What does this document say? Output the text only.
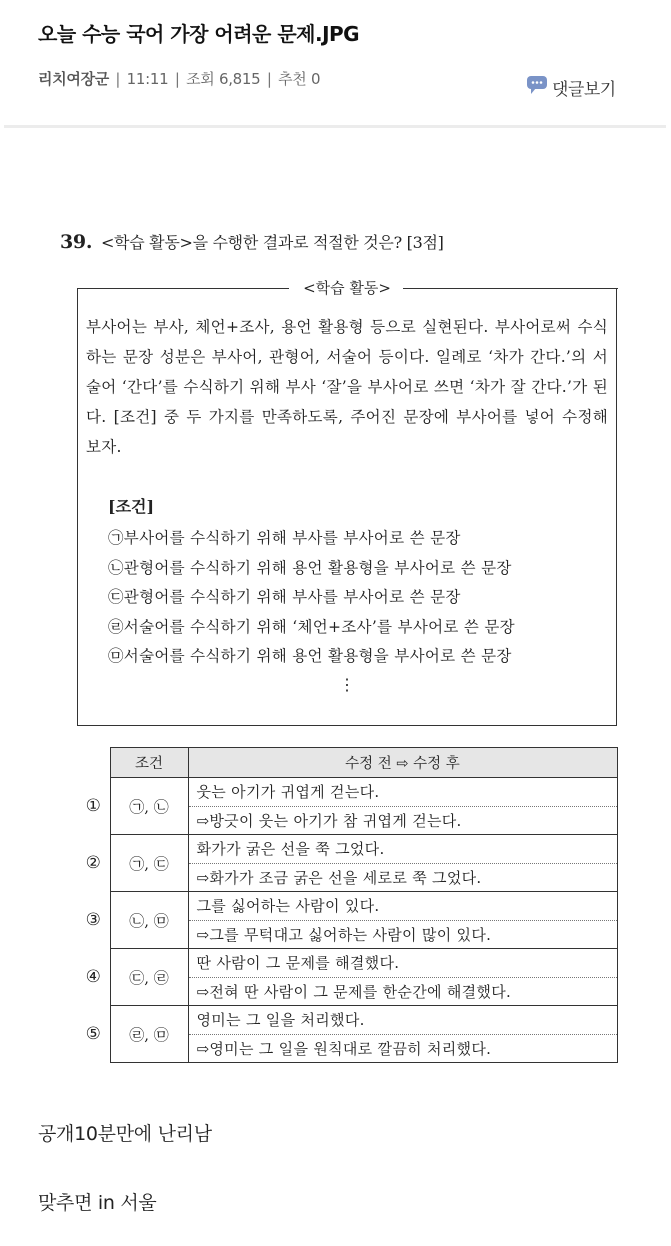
오늘 수능 국어 가장 어려운 문제.JPG
리치여장군 | 11:11 | 조회 6,815 | 추천 0
댓글보기
39. <학습 활동>을 수행한 결과로 적절한 것은? [3점]
<학습 활동>

부사어는 부사, 체언+조사, 용언 활용형 등으로 실현된다. 부사어로써 수식하는 문장 성분은 부사어, 관형어, 서술어 등이다. 일례로 ‘차가 간다.’의 서술어 ‘간다’를 수식하기 위해 부사 ‘잘’을 부사어로 쓰면 ‘차가 잘 간다.’가 된다. [조건] 중 두 가지를 만족하도록, 주어진 문장에 부사어를 넣어 수정해 보자.

[조건]
㉠부사어를 수식하기 위해 부사를 부사어로 쓴 문장
㉡관형어를 수식하기 위해 용언 활용형을 부사어로 쓴 문장
㉢관형어를 수식하기 위해 부사를 부사어로 쓴 문장
㉣서술어를 수식하기 위해 ‘체언+조사’를 부사어로 쓴 문장
㉤서술어를 수식하기 위해 용언 활용형을 부사어로 쓴 문장
⋮
	조건	수정 전 ⇨ 수정 후
①	㉠, ㉡	웃는 아기가 귀엽게 걷는다.
		⇨방긋이 웃는 아기가 참 귀엽게 걷는다.
②	㉠, ㉢	화가가 굵은 선을 쭉 그었다.
		⇨화가가 조금 굵은 선을 세로로 쭉 그었다.
③	㉡, ㉤	그를 싫어하는 사람이 있다.
		⇨그를 무턱대고 싫어하는 사람이 많이 있다.
④	㉢, ㉣	딴 사람이 그 문제를 해결했다.
		⇨전혀 딴 사람이 그 문제를 한순간에 해결했다.
⑤	㉣, ㉤	영미는 그 일을 처리했다.
		⇨영미는 그 일을 원칙대로 깔끔히 처리했다.

공개10분만에 난리남

맞추면 in 서울
